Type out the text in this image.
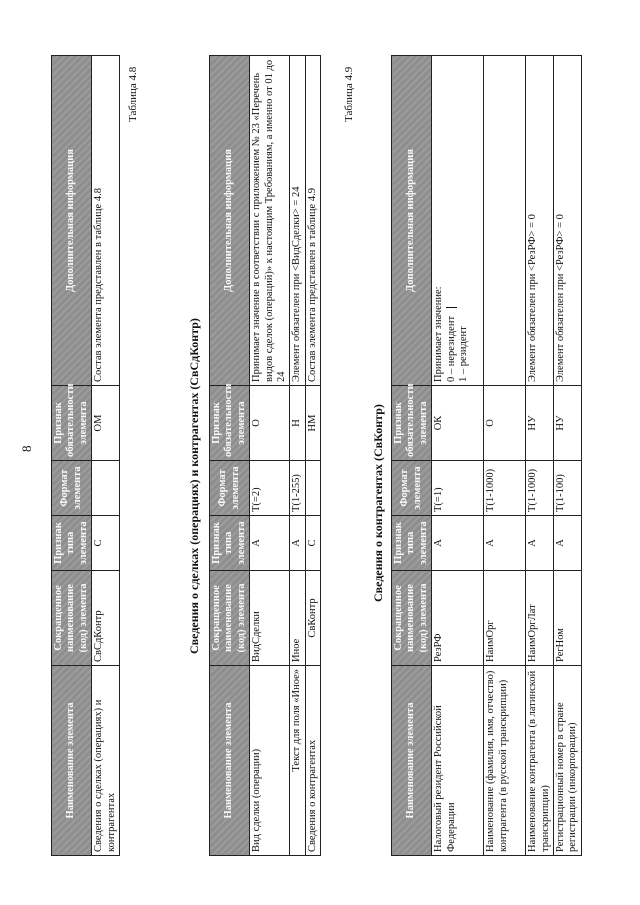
8
Наименование элемента	Сокращенное наименование (код) элемента	Признак типа элемента	Формат элемента	Признак обязательности элемента	Дополнительная информация
Сведения о сделках (операциях) и контрагентах	СвСдКонтр	С		ОМ	Состав элемента представлен в таблице 4.8
Таблица 4.8
Сведения о сделках (операциях) и контрагентах (СвСдКонтр)
Наименование элемента	Сокращенное наименование (код) элемента	Признак типа элемента	Формат элемента	Признак обязательности элемента	Дополнительная информация
Вид сделки (операции)	ВидСделки	А	T(=2)	О	Принимает значение в соответствии с приложением № 23 «Перечень видов сделок (операций)» к настоящим Требованиям, а именно от 01 до 24
Текст для поля «Иное»	Иное	А	T(1-255)	Н	Элемент обязателен при <ВидСделки> = 24
Сведения о контрагентах	СвКонтр	С		НМ	Состав элемента представлен в таблице 4.9
Таблица 4.9
Сведения о контрагентах (СвКонтр)
Наименование элемента	Сокращенное наименование (код) элемента	Признак типа элемента	Формат элемента	Признак обязательности элемента	Дополнительная информация
Налоговый резидент Российской Федерации	РезРФ	А	T(=1)	ОК	Принимает значение: 0 – нерезидент 1 – резидент

Наименование (фамилия, имя, отчество) контрагента (в русской транскрипции)	НаимОрг	А	T(1-1000)	О	
Наименование контрагента (в латинской транскрипции)	НаимОргЛат	А	T(1-1000)	НУ	Элемент обязателен при <РезРФ> = 0
Регистрационный номер в стране регистрации (инкорпорации)	РегНом	А	T(1-100)	НУ	Элемент обязателен при <РезРФ> = 0
